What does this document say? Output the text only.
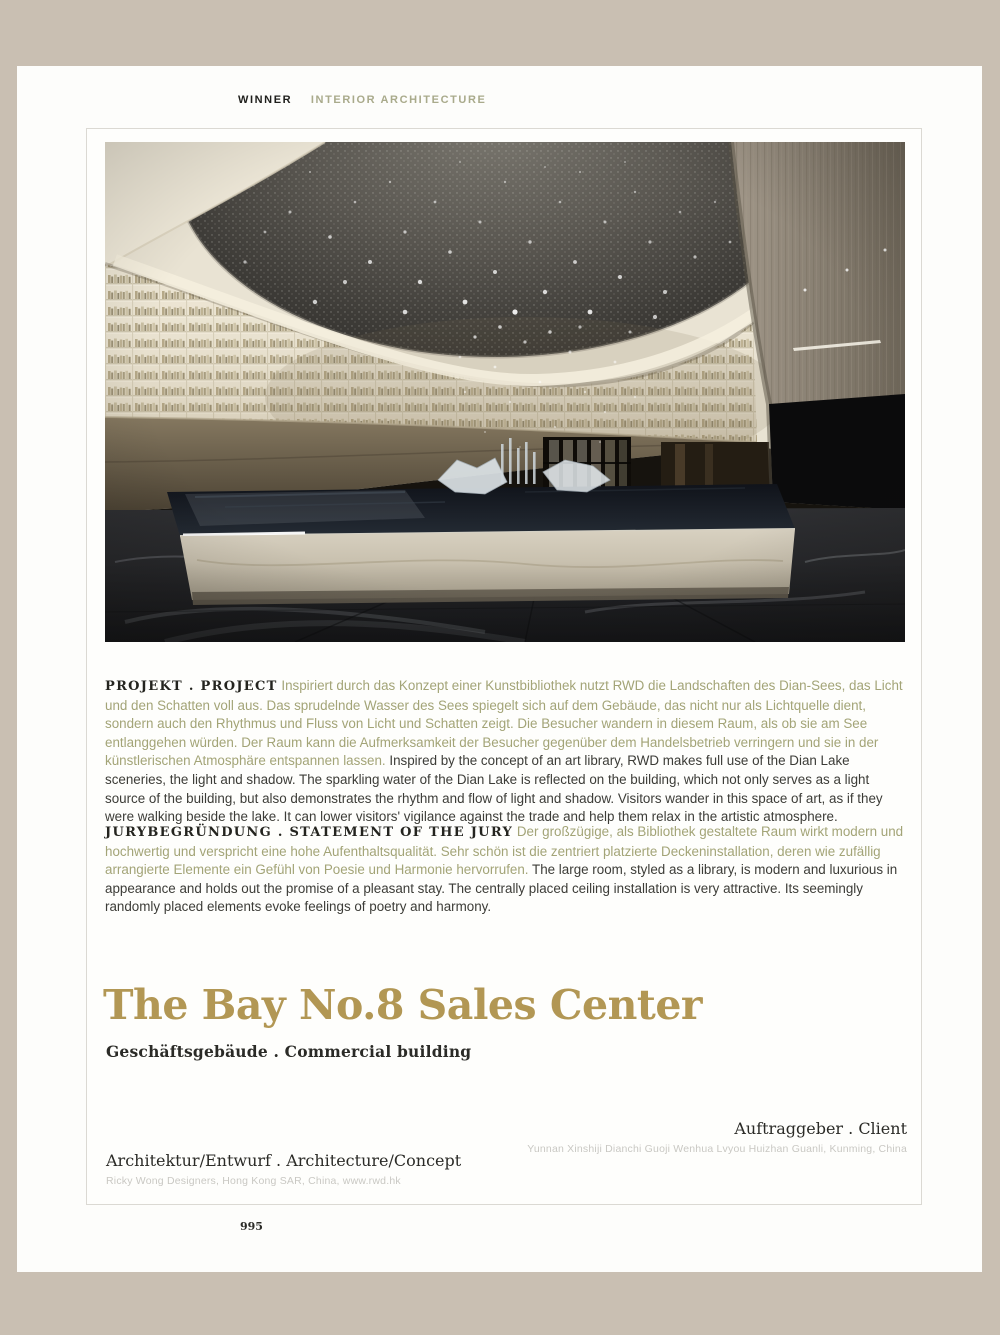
WINNER INTERIOR ARCHITECTURE

PROJEKT . PROJECT Inspiriert durch das Konzept einer Kunstbibliothek nutzt RWD die Landschaften des Dian-Sees, das Licht und den Schatten voll aus. Das sprudelnde Wasser des Sees spiegelt sich auf dem Gebäude, das nicht nur als Lichtquelle dient, sondern auch den Rhythmus und Fluss von Licht und Schatten zeigt. Die Besucher wandern in diesem Raum, als ob sie am See entlanggehen würden. Der Raum kann die Aufmerksamkeit der Besucher gegenüber dem Handelsbetrieb verringern und sie in der künstlerischen Atmosphäre entspannen lassen. Inspired by the concept of an art library, RWD makes full use of the Dian Lake sceneries, the light and shadow. The sparkling water of the Dian Lake is reflected on the building, which not only serves as a light source of the building, but also demonstrates the rhythm and flow of light and shadow. Visitors wander in this space of art, as if they were walking beside the lake. It can lower visitors' vigilance against the trade and help them relax in the artistic atmosphere.

JURYBEGRÜNDUNG . STATEMENT OF THE JURY Der großzügige, als Bibliothek gestaltete Raum wirkt modern und hochwertig und verspricht eine hohe Aufenthaltsqualität. Sehr schön ist die zentriert platzierte Deckeninstallation, deren wie zufällig arrangierte Elemente ein Gefühl von Poesie und Harmonie hervorrufen. The large room, styled as a library, is modern and luxurious in appearance and holds out the promise of a pleasant stay. The centrally placed ceiling installation is very attractive. Its seemingly randomly placed elements evoke feelings of poetry and harmony.

The Bay No.8 Sales Center
Geschäftsgebäude . Commercial building
Auftraggeber . Client
Yunnan Xinshiji Dianchi Guoji Wenhua Lvyou Huizhan Guanli, Kunming, China
Architektur/Entwurf . Architecture/Concept
Ricky Wong Designers, Hong Kong SAR, China, www.rwd.hk
995
